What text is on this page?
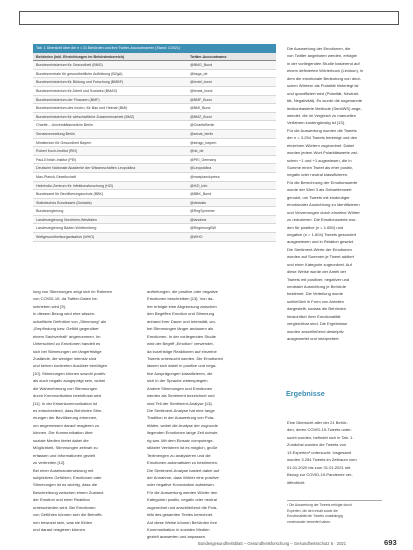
Tab. 1 Übersicht über die n = 21 Behörden und ihre Twitter-Accountnamen (Stand: 1/2021)
Behörden (inkl. Einrichtungen im Behördenbereich)	Twitter-Accountname
Bundesministerium für Gesundheit (BMG)	@BMG_Bund
Bundeszentrale für gesundheitliche Aufklärung (BZgA)	@bzga_de
Bundesministerium für Bildung und Forschung (BMBF)	@bmbf_bund
Bundesministerium für Arbeit und Soziales (BMAS)	@bmas_bund
Bundesministerium der Finanzen (BMF)	@BMF_Bund
Bundesministerium des Innern, für Bau und Heimat (BMI)	@BMI_Bund
Bundesministerium für wirtschaftliche Zusammenarbeit (BMZ)	@BMZ_Bund
Charité – Universitätsmedizin Berlin	@ChariteBerlin
Senatsverwaltung Berlin	@senat_berlin
Ministerium für Gesundheit Bayern	@stmgp_bayern
Robert Koch-Institut (RKI)	@rki_de
Paul-Ehrlich-Institut (PEI)	@PEI_Germany
Deutsche Nationale Akademie der Wissenschaften Leopoldina	@Leopoldina
Max-Planck-Gesellschaft	@maxplanckpress
Helmholtz-Zentrum für Infektionsforschung (HZI)	@HZI_Info
Bundesamt für Bevölkerungsschutz (BBK)	@BBK_Bund
Statistisches Bundesamt (Destatis)	@destatis
Bundesregierung	@RegSprecher
Landesregierung Nordrhein-Westfalen	@landnrw
Landesregierung Baden-Württemberg	@RegierungBW
Weltgesundheitsorganisation (WHO)	@WHO

Die Auswertung der Emotionen, die

von Twitter angeboten werden, erfolgte

in der vorliegenden Studie basierend auf

einem definierten Wörterbuch (Lexikon), in

dem die emotionale Bedeutung von deut-

schen Wörtern als Polarität hinterlegt ist

und quantifiziert wird (Polarität, Neutrali-

tät, Negativität). Es wurde die sogenannte

lexikonbasierte Methode (SentiWS) ange-

wendet, die im Vergleich zu manuellen

Verfahren kostengünstig ist [13].

Für die Auswertung wurden die Tweets

der n = 3.254 Tweets bereinigt und den

einzelnen Wörtern zugeordnet. Dabei

wurden jedem Wort Polaritätswerte zwi-

schen −1 und +1 zugewiesen, die in

Summe einen Tweet als eher positiv,

negativ oder neutral klassifizieren.

Für die Berechnung der Emotionswerte

wurde der Wert 3 als Schwellenwert

genutzt, um Tweets mit eindeutiger

emotionaler Ausrichtung zu identifizieren

und Verzerrungen durch einzelne Wörter

zu reduzieren. Die Emotionswerte wur-

den für positive (n = 1.650) und

negative (n = 1.604) Tweets gesondert

ausgewiesen und in Relation gesetzt.

Die Sentiment-Werte der Emotionen

wurden auf Summen je Tweet addiert

und einer Kategorie zugeordnet. Auf

diese Weise wurde der Anteil der

Tweets mit positiver, negativer und

neutraler Ausrichtung je Behörde

bestimmt. Die Verteilung wurde

schließlich in Form von Anteilen

dargestellt, sodass die Behörden

hinsichtlich ihrer Emotionalität

vergleichbar sind. Die Ergebnisse

wurden anschließend deskriptiv

ausgewertet und interpretiert.

Ergebnisse

Eine Übersicht aller der 21 Behör-

den, deren COVID-19-Tweets unter-

sucht wurden, befindet sich in Tab. 1.

Zunächst wurden die Tweets von

13 Experten² untersucht. Insgesamt

wurden 3.254 Tweets im Zeitraum vom

01.01.2020 bis zum 31.01.2021 mit

Bezug zur COVID-19-Pandemie ver-

öffentlicht.

² Die Auswertung der Tweets erfolgte durch

Experten, die den Inhalt sowie die

Emotionalität der Tweets unabhängig

voneinander bewertet haben.

lung von Stimmungen zeigt sich im Rahmen

von COVID-19, da Twitter-Daten be-

schrieben wird [9].

In diesem Bezug wird eine wissen-

schaftliche Definition von „Stimmung“ als

„Empfindung bzw. Gefühl gegenüber

einem Sachverhalt“ angenommen. Im

Unterschied zu Emotionen handelt es

sich bei Stimmungen um längerfristige

Zustände, die weniger intensiv sind

und keinen konkreten Auslöser benötigen

[10]. Stimmungen können sowohl positiv

als auch negativ ausgeprägt sein, wobei

die Wahrnehmung von Stimmungen

durch Kommunikation beeinflusst wird

[11]. In der Krisenkommunikation ist

es entscheidend, dass Behörden Stim-

mungen der Bevölkerung erkennen,

um angemessen darauf reagieren zu

können. Die Kommunikation über

soziale Medien bietet dabei die

Möglichkeit, Stimmungen zeitnah zu

erfassen und Informationen gezielt

zu verbreiten [12].

Bei einer Auseinandersetzung mit

subjektiven Gefühlen, Emotionen oder

Stimmungen ist es wichtig, dass die

Beschreibung zwischen einem Zustand

der Emotion und einer Reaktion

unterschieden wird. Bei Emotionen

von Gefühlen können sich die Betroffe-

nen bewusst sein, was sie fühlen

und darauf reagieren können.

auftretungen, die positive oder negative

Emotionen beschreiben [13]. Von da-

her erfolgte eine Abgrenzung zwischen

den Begriffen Emotion und Stimmung

anhand ihrer Dauer und Intensität, wo-

bei Stimmungen länger andauern als

Emotionen. In der vorliegenden Studie

wird der Begriff „Emotion“ verwendet,

da kurzfristige Reaktionen auf einzelne

Tweets untersucht werden. Die Emotionen

lassen sich dabei in positive und nega-

tive Ausprägungen klassifizieren, die

sich in der Sprache widerspiegeln.

Andere Stimmungen und Emotionen

werden als Sentiment bezeichnet und

sind Teil der Sentiment-Analyse [13].

Die Sentiment-Analyse hat eine lange

Tradition in der Auswertung von Pola-

ritäten, wobei die Analyse der zugrunde

liegenden Emotionen lange Zeit schwie-

rig war. Mit dem Einsatz computerge-

stützter Verfahren ist es möglich, große

Textmengen zu analysieren und die

Emotionen automatisiert zu bestimmen.

Die Sentiment-Analyse basiert dabei auf

der Annahme, dass Wörter eine positive

oder negative Konnotation aufweisen.

Für die Auswertung werden Wörter den

Kategorien positiv, negativ oder neutral

zugeordnet und anschließend die Pola-

rität des gesamten Textes berechnet.

Auf diese Weise können Behörden ihre

Kommunikation in sozialen Medien

gezielt auswerten und anpassen.

Bundesgesundheitsblatt – Gesundheitsforschung – Gesundheitsschutz 6 · 2021	693
